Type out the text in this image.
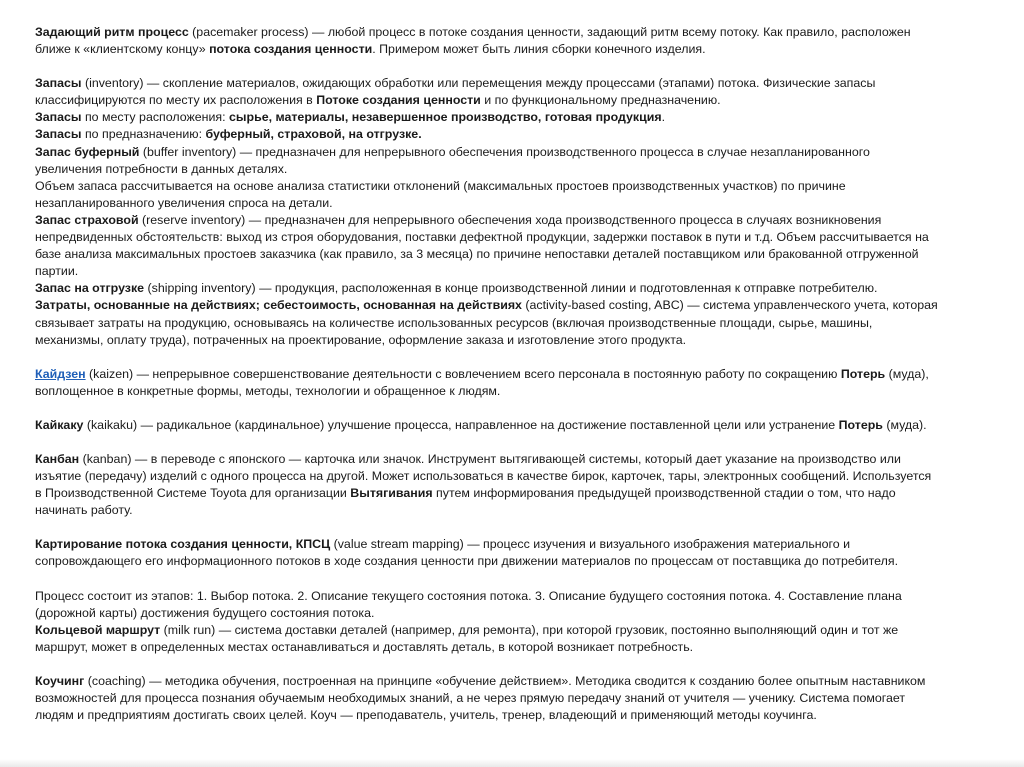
Задающий ритм процесс (pacemaker process) — любой процесс в потоке создания ценности, задающий ритм всему потоку. Как правило, расположен
ближе к «клиентскому концу» потока создания ценности. Примером может быть линия сборки конечного изделия.
Запасы (inventory) — скопление материалов, ожидающих обработки или перемещения между процессами (этапами) потока. Физические запасы
классифицируются по месту их расположения в Потоке создания ценности и по функциональному предназначению.
Запасы по месту расположения: сырье, материалы, незавершенное производство, готовая продукция.
Запасы по предназначению: буферный, страховой, на отгрузке.
Запас буферный (buffer inventory) — предназначен для непрерывного обеспечения производственного процесса в случае незапланированного
увеличения потребности в данных деталях.
Объем запаса рассчитывается на основе анализа статистики отклонений (максимальных простоев производственных участков) по причине
незапланированного увеличения спроса на детали.
Запас страховой (reserve inventory) — предназначен для непрерывного обеспечения хода производственного процесса в случаях возникновения
непредвиденных обстоятельств: выход из строя оборудования, поставки дефектной продукции, задержки поставок в пути и т.д. Объем рассчитывается на
базе анализа максимальных простоев заказчика (как правило, за 3 месяца) по причине непоставки деталей поставщиком или бракованной отгруженной
партии.
Запас на отгрузке (shipping inventory) — продукция, расположенная в конце производственной линии и подготовленная к отправке потребителю.
Затраты, основанные на действиях; себестоимость, основанная на действиях (activity-based costing, ABC) — система управленческого учета, которая
связывает затраты на продукцию, основываясь на количестве использованных ресурсов (включая производственные площади, сырье, машины,
механизмы, оплату труда), потраченных на проектирование, оформление заказа и изготовление этого продукта.
Кайдзен (kaizen) — непрерывное совершенствование деятельности с вовлечением всего персонала в постоянную работу по сокращению Потерь (муда),
воплощенное в конкретные формы, методы, технологии и обращенное к людям.
Кайкаку (kaikaku) — радикальное (кардинальное) улучшение процесса, направленное на достижение поставленной цели или устранение Потерь (муда).
Канбан (kanban) — в переводе с японского — карточка или значок. Инструмент вытягивающей системы, который дает указание на производство или
изъятие (передачу) изделий с одного процесса на другой. Может использоваться в качестве бирок, карточек, тары, электронных сообщений. Используется
в Производственной Системе Toyota для организации Вытягивания путем информирования предыдущей производственной стадии о том, что надо
начинать работу.
Картирование потока создания ценности, КПСЦ (value stream mapping) — процесс изучения и визуального изображения материального и
сопровождающего его информационного потоков в ходе создания ценности при движении материалов по процессам от поставщика до потребителя.
Процесс состоит из этапов: 1. Выбор потока. 2. Описание текущего состояния потока. 3. Описание будущего состояния потока. 4. Составление плана
(дорожной карты) достижения будущего состояния потока.
Кольцевой маршрут (milk run) — система доставки деталей (например, для ремонта), при которой грузовик, постоянно выполняющий один и тот же
маршрут, может в определенных местах останавливаться и доставлять деталь, в которой возникает потребность.
Коучинг (coaching) — методика обучения, построенная на принципе «обучение действием». Методика сводится к созданию более опытным наставником
возможностей для процесса познания обучаемым необходимых знаний, а не через прямую передачу знаний от учителя — ученику. Система помогает
людям и предприятиям достигать своих целей. Коуч — преподаватель, учитель, тренер, владеющий и применяющий методы коучинга.
